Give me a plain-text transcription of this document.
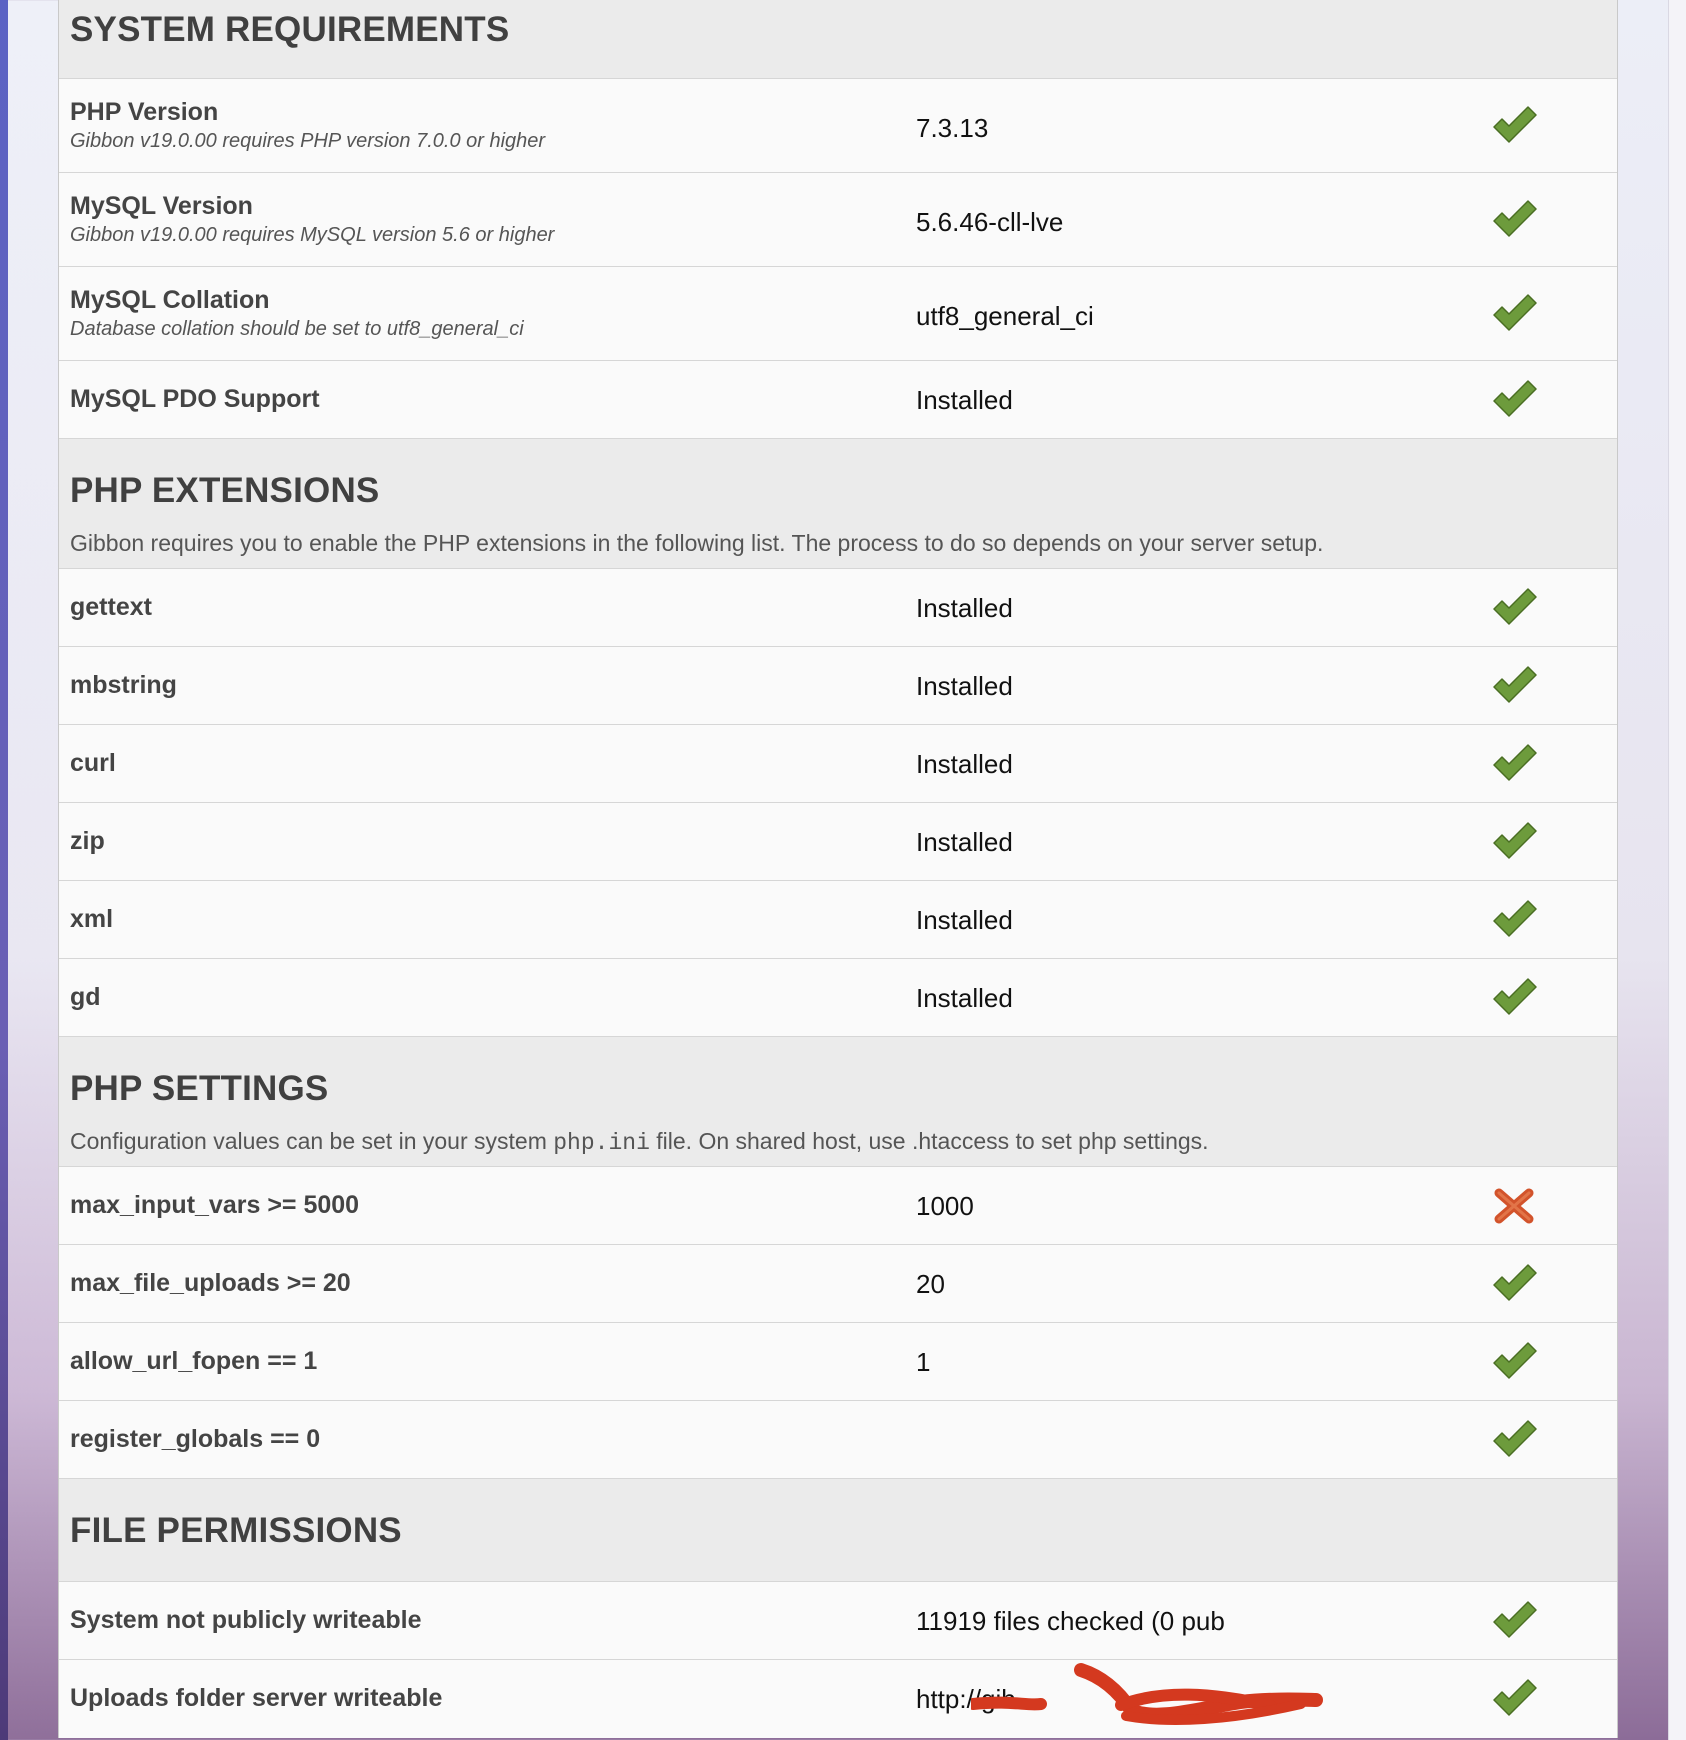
SYSTEM REQUIREMENTS
PHP Version
Gibbon v19.0.00 requires PHP version 7.0.0 or higher	7.3.13
MySQL Version
Gibbon v19.0.00 requires MySQL version 5.6 or higher	5.6.46-cll-lve
MySQL Collation
Database collation should be set to utf8_general_ci	utf8_general_ci
MySQL PDO Support	Installed
PHP EXTENSIONS
Gibbon requires you to enable the PHP extensions in the following list. The process to do so depends on your server setup.
gettext	Installed
mbstring	Installed
curl	Installed
zip	Installed
xml	Installed
gd	Installed
PHP SETTINGS
Configuration values can be set in your system php.ini file. On shared host, use .htaccess to set php settings.
max_input_vars >= 5000	1000
max_file_uploads >= 20	20
allow_url_fopen == 1	1
register_globals == 0
FILE PERMISSIONS
System not publicly writeable	11919 files checked (0 pub
Uploads folder server writeable	http://gib
